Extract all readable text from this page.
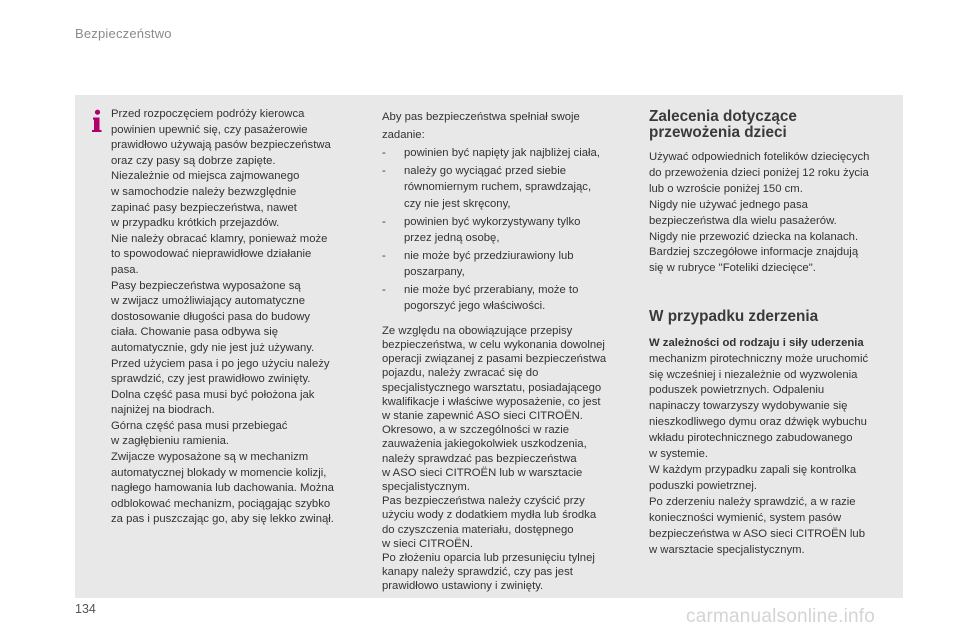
Bezpieczeństwo

Przed rozpoczęciem podróży kierowca
powinien upewnić się, czy pasażerowie
prawidłowo używają pasów bezpieczeństwa
oraz czy pasy są dobrze zapięte.
Niezależnie od miejsca zajmowanego
w samochodzie należy bezwzględnie
zapinać pasy bezpieczeństwa, nawet
w przypadku krótkich przejazdów.
Nie należy obracać klamry, ponieważ może
to spowodować nieprawidłowe działanie
pasa.
Pasy bezpieczeństwa wyposażone są
w zwijacz umożliwiający automatyczne
dostosowanie długości pasa do budowy
ciała. Chowanie pasa odbywa się
automatycznie, gdy nie jest już używany.
Przed użyciem pasa i po jego użyciu należy
sprawdzić, czy jest prawidłowo zwinięty.
Dolna część pasa musi być położona jak
najniżej na biodrach.
Górna część pasa musi przebiegać
w zagłębieniu ramienia.
Zwijacze wyposażone są w mechanizm
automatycznej blokady w momencie kolizji,
nagłego hamowania lub dachowania. Można
odblokować mechanizm, pociągając szybko
za pas i puszczając go, aby się lekko zwinął.

Aby pas bezpieczeństwa spełniał swoje
zadanie:

- powinien być napięty jak najbliżej ciała,

- należy go wyciągać przed siebie
równomiernym ruchem, sprawdzając,
czy nie jest skręcony,

- powinien być wykorzystywany tylko
przez jedną osobę,

- nie może być przedziurawiony lub
poszarpany,

- nie może być przerabiany, może to
pogorszyć jego właściwości.

Ze względu na obowiązujące przepisy
bezpieczeństwa, w celu wykonania dowolnej
operacji związanej z pasami bezpieczeństwa
pojazdu, należy zwracać się do
specjalistycznego warsztatu, posiadającego
kwalifikacje i właściwe wyposażenie, co jest
w stanie zapewnić ASO sieci CITROËN.
Okresowo, a w szczególności w razie
zauważenia jakiegokolwiek uszkodzenia,
należy sprawdzać pas bezpieczeństwa
w ASO sieci CITROËN lub w warsztacie
specjalistycznym.
Pas bezpieczeństwa należy czyścić przy
użyciu wody z dodatkiem mydła lub środka
do czyszczenia materiału, dostępnego
w sieci CITROËN.
Po złożeniu oparcia lub przesunięciu tylnej
kanapy należy sprawdzić, czy pas jest
prawidłowo ustawiony i zwinięty.

Zalecenia dotyczące
przewożenia dzieci

Używać odpowiednich fotelików dziecięcych
do przewożenia dzieci poniżej 12 roku życia
lub o wzroście poniżej 150 cm.
Nigdy nie używać jednego pasa
bezpieczeństwa dla wielu pasażerów.
Nigdy nie przewozić dziecka na kolanach.
Bardziej szczegółowe informacje znajdują
się w rubryce "Foteliki dziecięce".

W przypadku zderzenia

W zależności od rodzaju i siły uderzenia
mechanizm pirotechniczny może uruchomić
się wcześniej i niezależnie od wyzwolenia
poduszek powietrznych. Odpaleniu
napinaczy towarzyszy wydobywanie się
nieszkodliwego dymu oraz dźwięk wybuchu
wkładu pirotechnicznego zabudowanego
w systemie.
W każdym przypadku zapali się kontrolka
poduszki powietrznej.
Po zderzeniu należy sprawdzić, a w razie
konieczności wymienić, system pasów
bezpieczeństwa w ASO sieci CITROËN lub
w warsztacie specjalistycznym.

134	carmanualsonline.info
